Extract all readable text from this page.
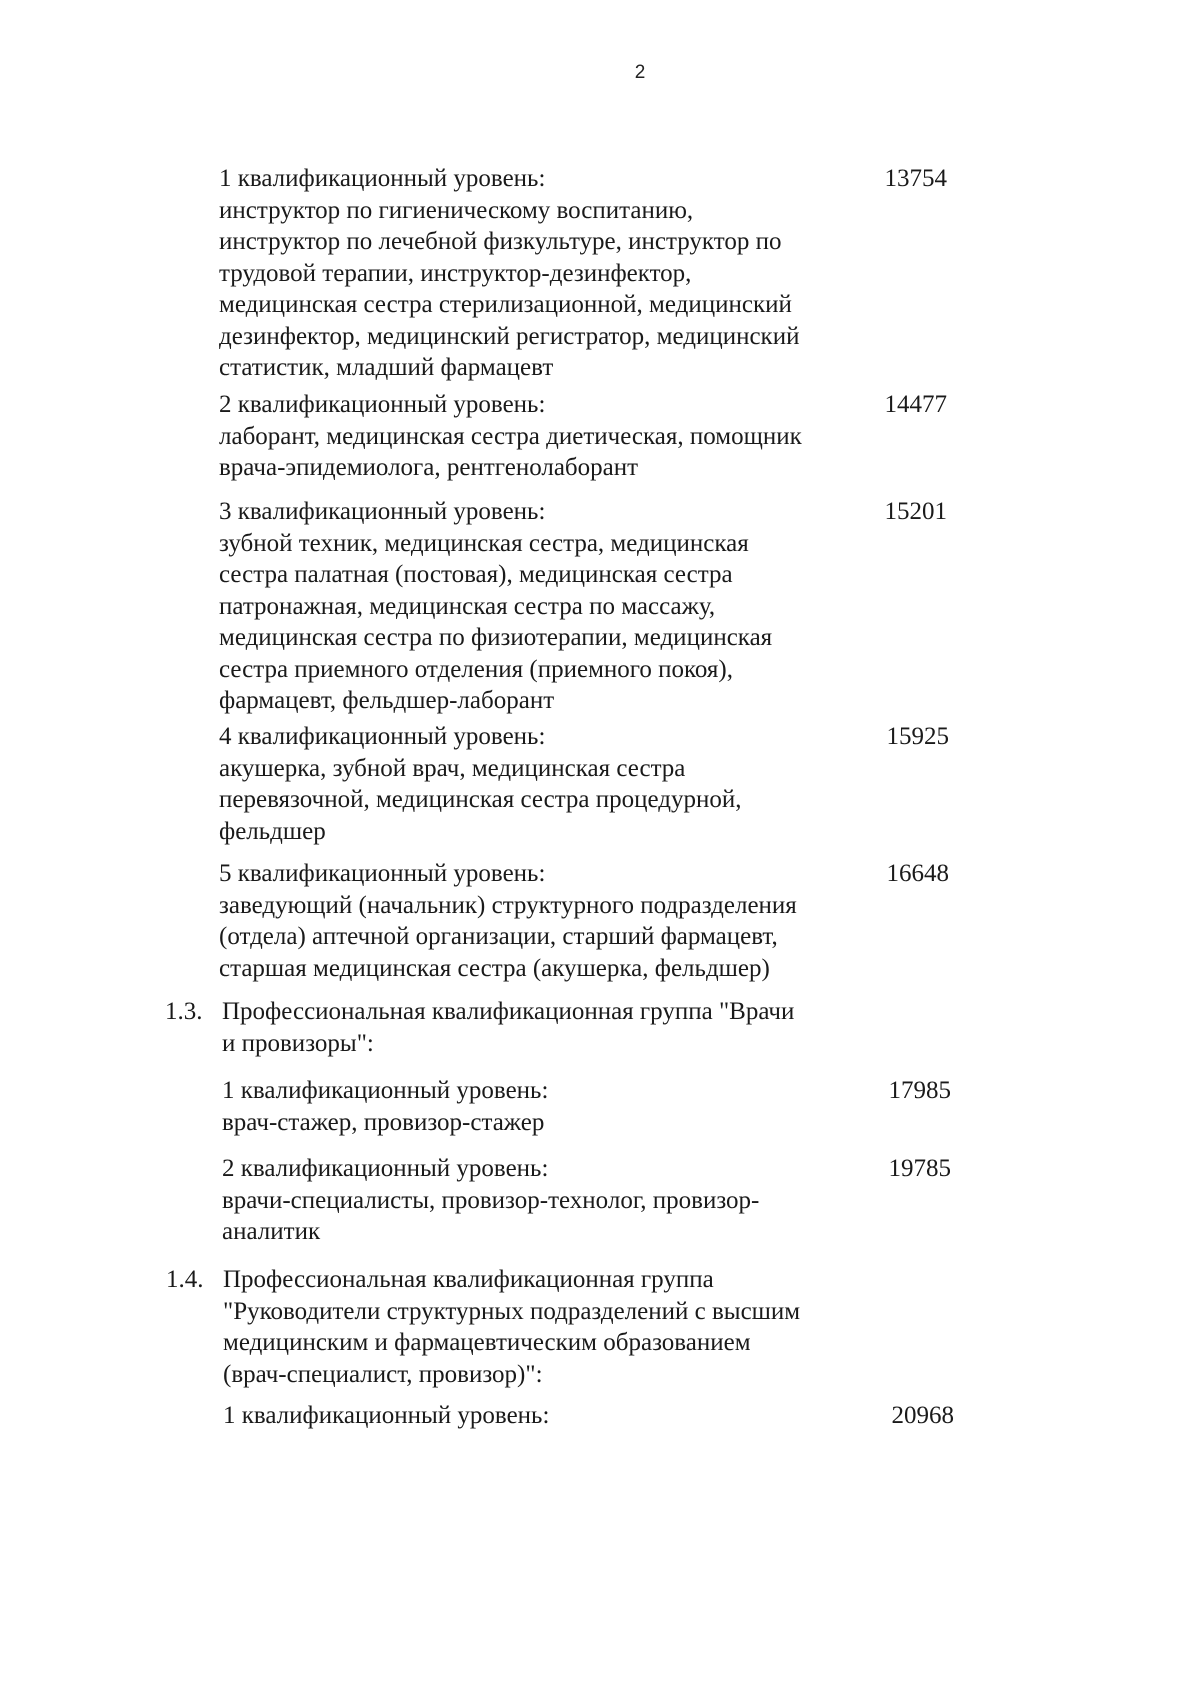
2
1 квалификационный уровень:
инструктор по гигиеническому воспитанию,
инструктор по лечебной физкультуре, инструктор по
трудовой терапии, инструктор-дезинфектор,
медицинская сестра стерилизационной, медицинский
дезинфектор, медицинский регистратор, медицинский
статистик, младший фармацевт
13754
2 квалификационный уровень:
лаборант, медицинская сестра диетическая, помощник
врача-эпидемиолога, рентгенолаборант
14477
3 квалификационный уровень:
зубной техник, медицинская сестра, медицинская
сестра палатная (постовая), медицинская сестра
патронажная, медицинская сестра по массажу,
медицинская сестра по физиотерапии, медицинская
сестра приемного отделения (приемного покоя),
фармацевт, фельдшер-лаборант
15201
4 квалификационный уровень:
акушерка, зубной врач, медицинская сестра
перевязочной, медицинская сестра процедурной,
фельдшер
15925
5 квалификационный уровень:
заведующий (начальник) структурного подразделения
(отдела) аптечной организации, старший фармацевт,
старшая медицинская сестра (акушерка, фельдшер)
16648
1.3. Профессиональная квалификационная группа "Врачи
и провизоры":
1 квалификационный уровень:
врач-стажер, провизор-стажер
17985
2 квалификационный уровень:
врачи-специалисты, провизор-технолог, провизор-
аналитик
19785
1.4. Профессиональная квалификационная группа
"Руководители структурных подразделений с высшим
медицинским и фармацевтическим образованием
(врач-специалист, провизор)":
1 квалификационный уровень:	20968
